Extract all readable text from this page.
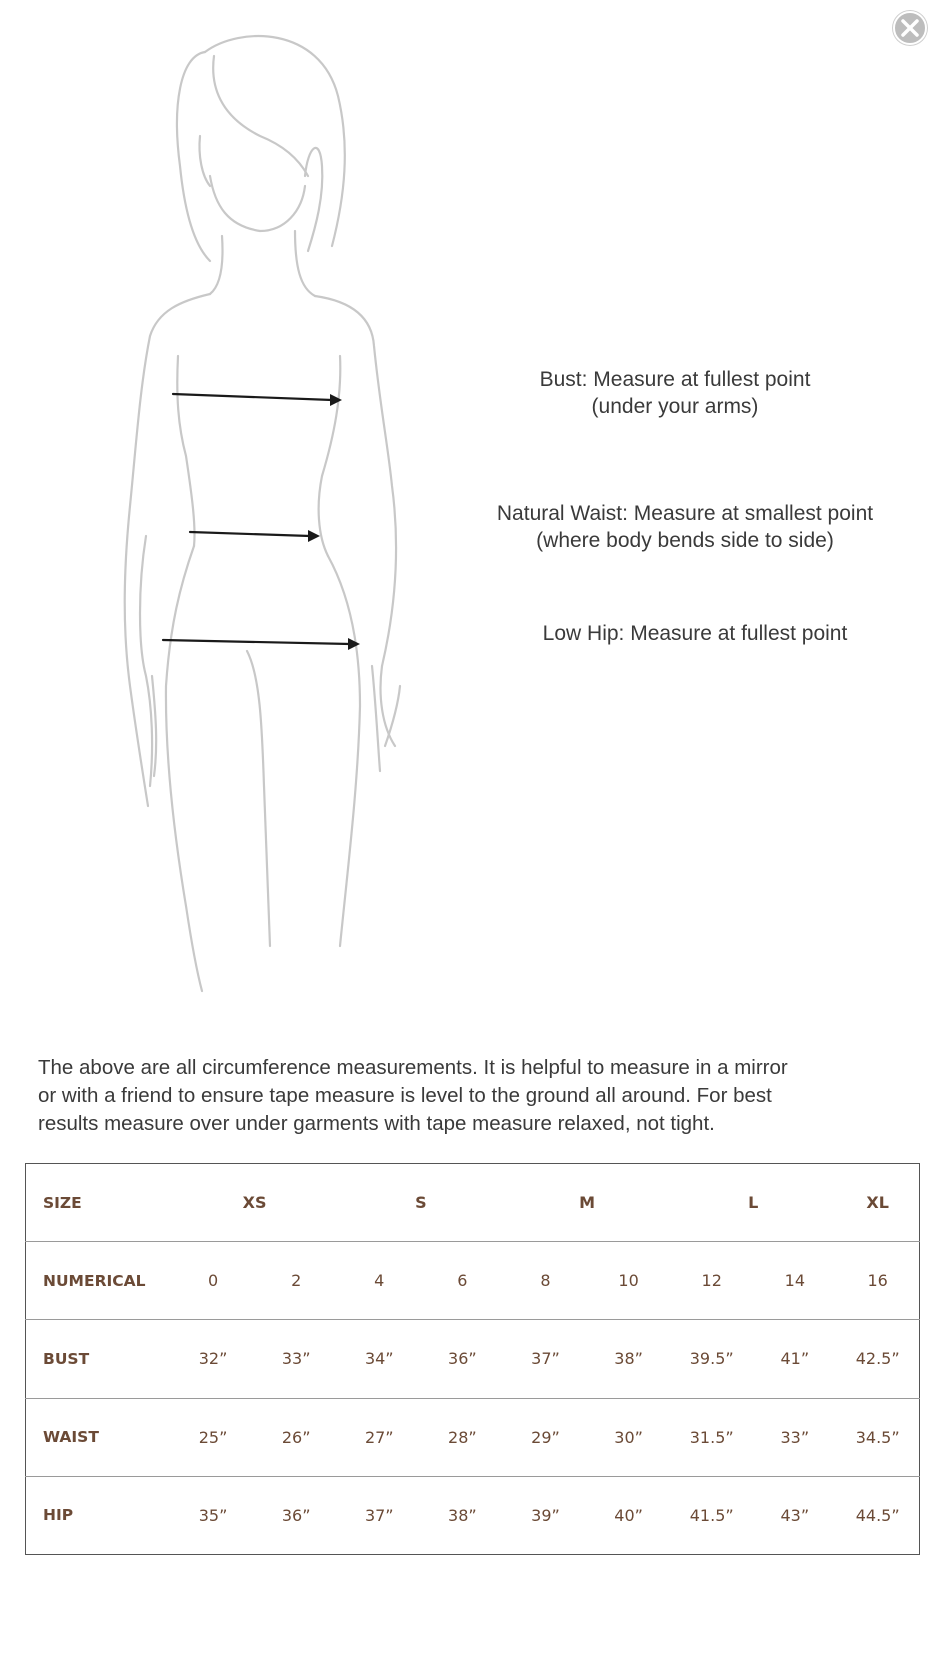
Bust: Measure at fullest point
(under your arms)
Natural Waist: Measure at smallest point
(where body bends side to side)
Low Hip: Measure at fullest point
The above are all circumference measurements. It is helpful to measure in a mirror
or with a friend to ensure tape measure is level to the ground all around. For best
results measure over under garments with tape measure relaxed, not tight.
SIZE	XS		S		M		L		XL
NUMERICAL	0	2	4	6	8	10	12	14	16
BUST	32”	33”	34”	36”	37”	38”	39.5”	41”	42.5”
WAIST	25”	26”	27”	28”	29”	30”	31.5”	33”	34.5”
HIP	35”	36”	37”	38”	39”	40”	41.5”	43”	44.5”
